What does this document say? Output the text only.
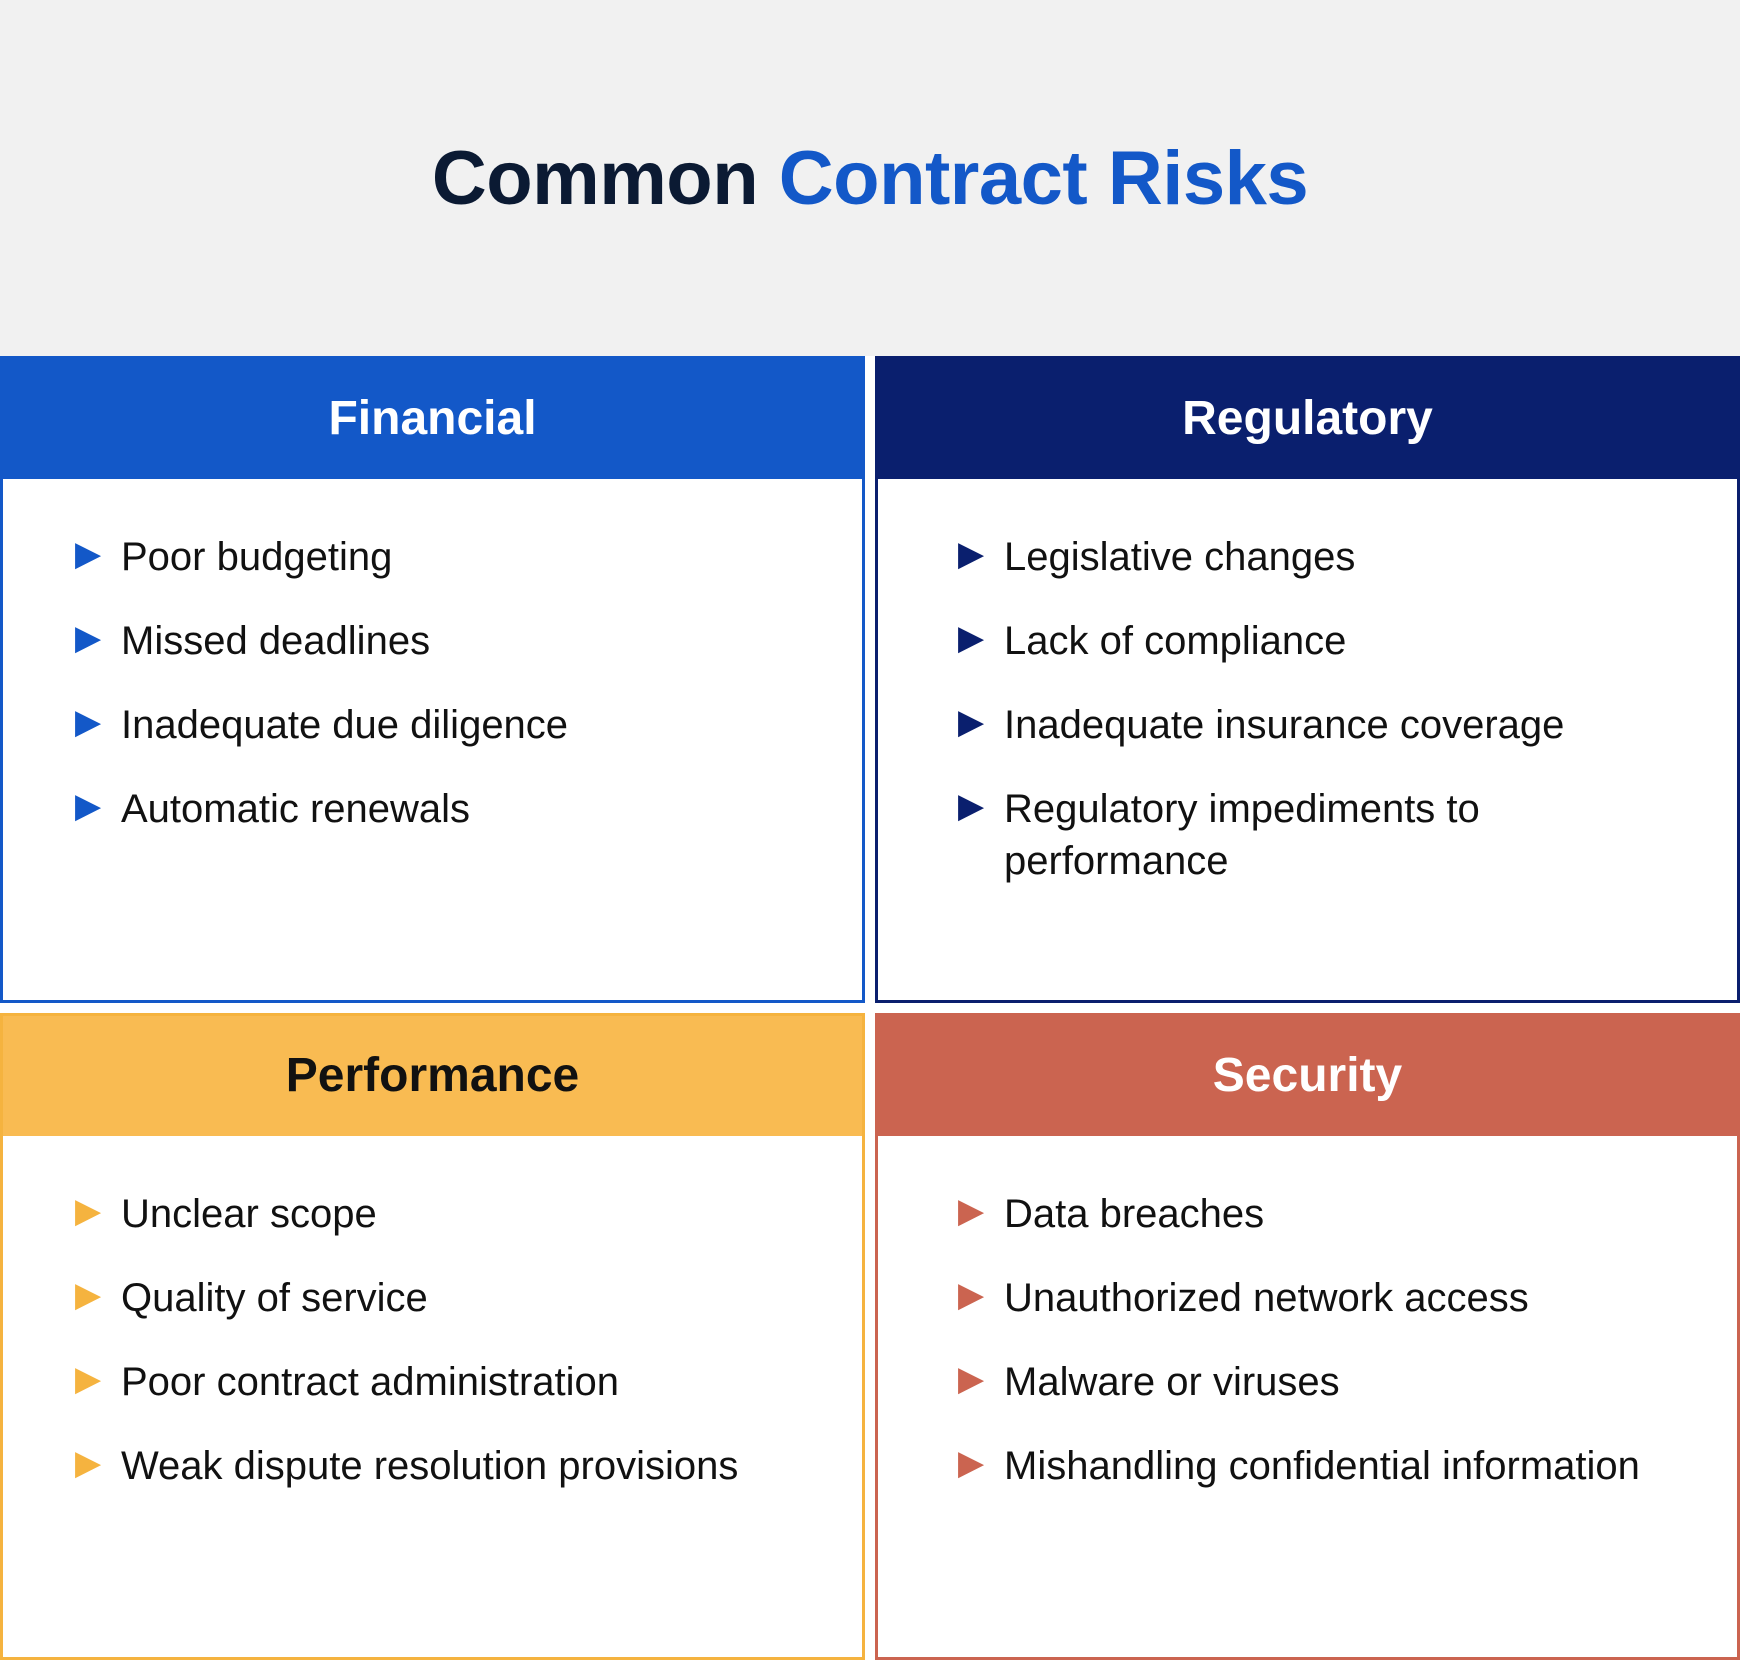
Common Contract Risks
Financial
▶ Poor budgeting
▶ Missed deadlines
▶ Inadequate due diligence
▶ Automatic renewals
Regulatory
▶ Legislative changes
▶ Lack of compliance
▶ Inadequate insurance coverage
▶ Regulatory impediments to performance
Performance
▶ Unclear scope
▶ Quality of service
▶ Poor contract administration
▶ Weak dispute resolution provisions
Security
▶ Data breaches
▶ Unauthorized network access
▶ Malware or viruses
▶ Mishandling confidential information
